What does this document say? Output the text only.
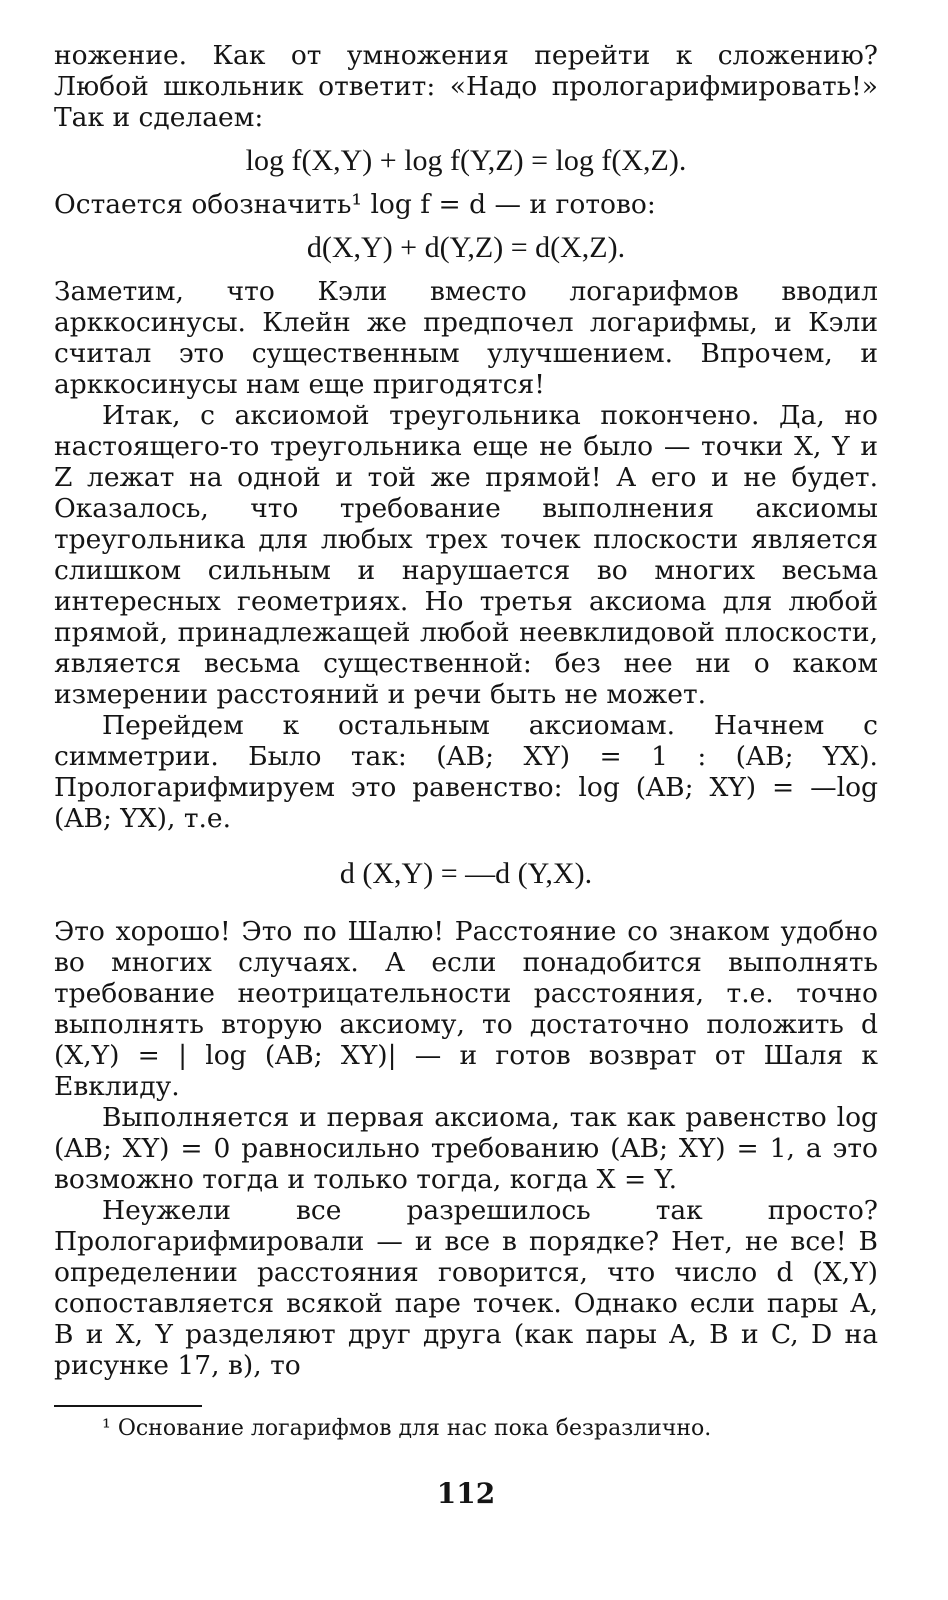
ножение. Как от умножения перейти к сложению? Любой школьник ответит: «Надо прологарифмировать!» Так и сделаем:

log f(X,Y) + log f(Y,Z) = log f(X,Z).

Остается обозначить¹ log f = d — и готово:

d(X,Y) + d(Y,Z) = d(X,Z).

Заметим, что Кэли вместо логарифмов вводил арккосинусы. Клейн же предпочел логарифмы, и Кэли считал это существенным улучшением. Впрочем, и арккосинусы нам еще пригодятся!

Итак, с аксиомой треугольника покончено. Да, но настоящего-то треугольника еще не было — точки X, Y и Z лежат на одной и той же прямой! А его и не будет. Оказалось, что требование выполнения аксиомы треугольника для любых трех точек плоскости является слишком сильным и нарушается во многих весьма интересных геометриях. Но третья аксиома для любой прямой, принадлежащей любой неевклидовой плоскости, является весьма существенной: без нее ни о каком измерении расстояний и речи быть не может.

Перейдем к остальным аксиомам. Начнем с симметрии. Было так: (AB; XY) = 1 : (AB; YX). Прологарифмируем это равенство: log (AB; XY) = —log (AB; YX), т.е.

d (X,Y) = —d (Y,X).

Это хорошо! Это по Шалю! Расстояние со знаком удобно во многих случаях. А если понадобится выполнять требование неотрицательности расстояния, т.е. точно выполнять вторую аксиому, то достаточно положить d (X,Y) = | log (AB; XY)| — и готов возврат от Шаля к Евклиду.

Выполняется и первая аксиома, так как равенство log (AB; XY) = 0 равносильно требованию (AB; XY) = 1, а это возможно тогда и только тогда, когда X = Y.

Неужели все разрешилось так просто? Прологарифмировали — и все в порядке? Нет, не все! В определении расстояния говорится, что число d (X,Y) сопоставляется всякой паре точек. Однако если пары A, B и X, Y разделяют друг друга (как пары A, B и C, D на рисунке 17, в), то

¹ Основание логарифмов для нас пока безразлично.
112
